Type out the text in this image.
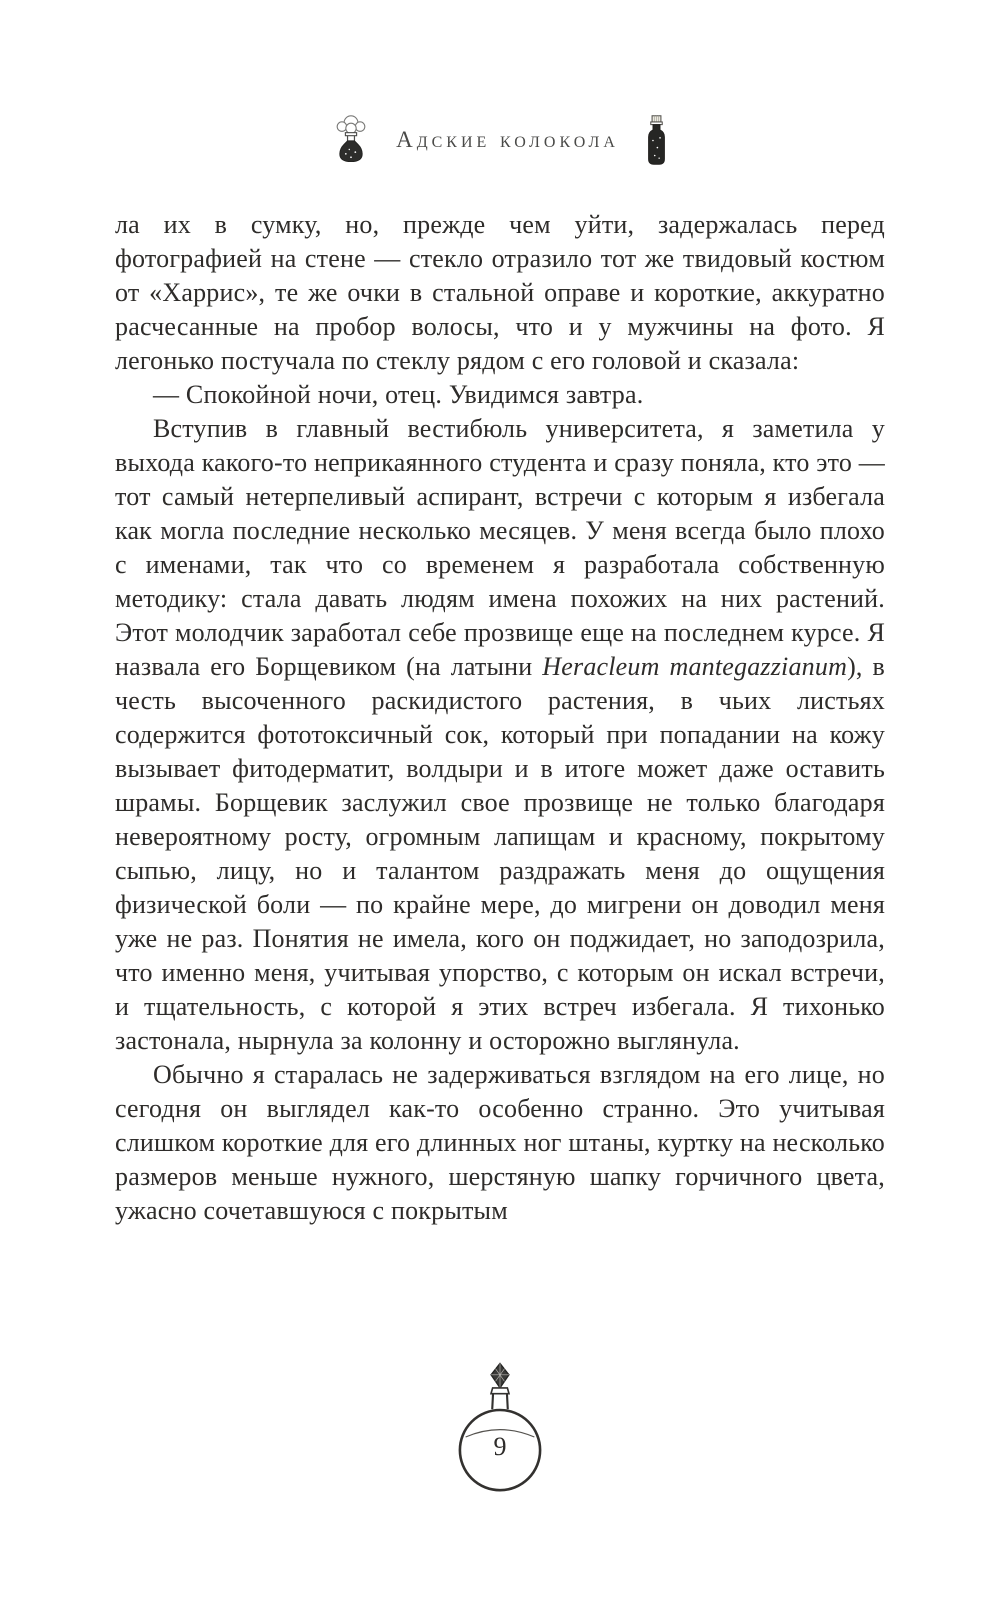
Адские колокола

ла их в сумку, но, прежде чем уйти, задержалась перед фотографией на стене — стекло отразило тот же твидовый костюм от «Харрис», те же очки в стальной оправе и короткие, аккуратно расчесанные на пробор волосы, что и у мужчины на фото. Я легонько постучала по стеклу рядом с его головой и сказала:

— Спокойной ночи, отец. Увидимся завтра.

Вступив в главный вестибюль университета, я заметила у выхода какого-то неприкаянного студента и сразу поняла, кто это — тот самый нетерпеливый аспирант, встречи с которым я избегала как могла последние несколько месяцев. У меня всегда было плохо с именами, так что со временем я разработала собственную методику: стала давать людям имена похожих на них растений. Этот молодчик заработал себе прозвище еще на последнем курсе. Я назвала его Борщевиком (на латыни Heracleum mantegazzianum), в честь высоченного раскидистого растения, в чьих листьях содержится фототоксичный сок, который при попадании на кожу вызывает фитодерматит, волдыри и в итоге может даже оставить шрамы. Борщевик заслужил свое прозвище не только благодаря невероятному росту, огромным лапищам и красному, покрытому сыпью, лицу, но и талантом раздражать меня до ощущения физической боли — по крайне мере, до мигрени он доводил меня уже не раз. Понятия не имела, кого он поджидает, но заподозрила, что именно меня, учитывая упорство, с которым он искал встречи, и тщательность, с которой я этих встреч избегала. Я тихонько застонала, нырнула за колонну и осторожно выглянула.

Обычно я старалась не задерживаться взглядом на его лице, но сегодня он выглядел как-то особенно странно. Это учитывая слишком короткие для его длинных ног штаны, куртку на несколько размеров меньше нужного, шерстяную шапку горчичного цвета, ужасно сочетавшуюся с покрытым

9
